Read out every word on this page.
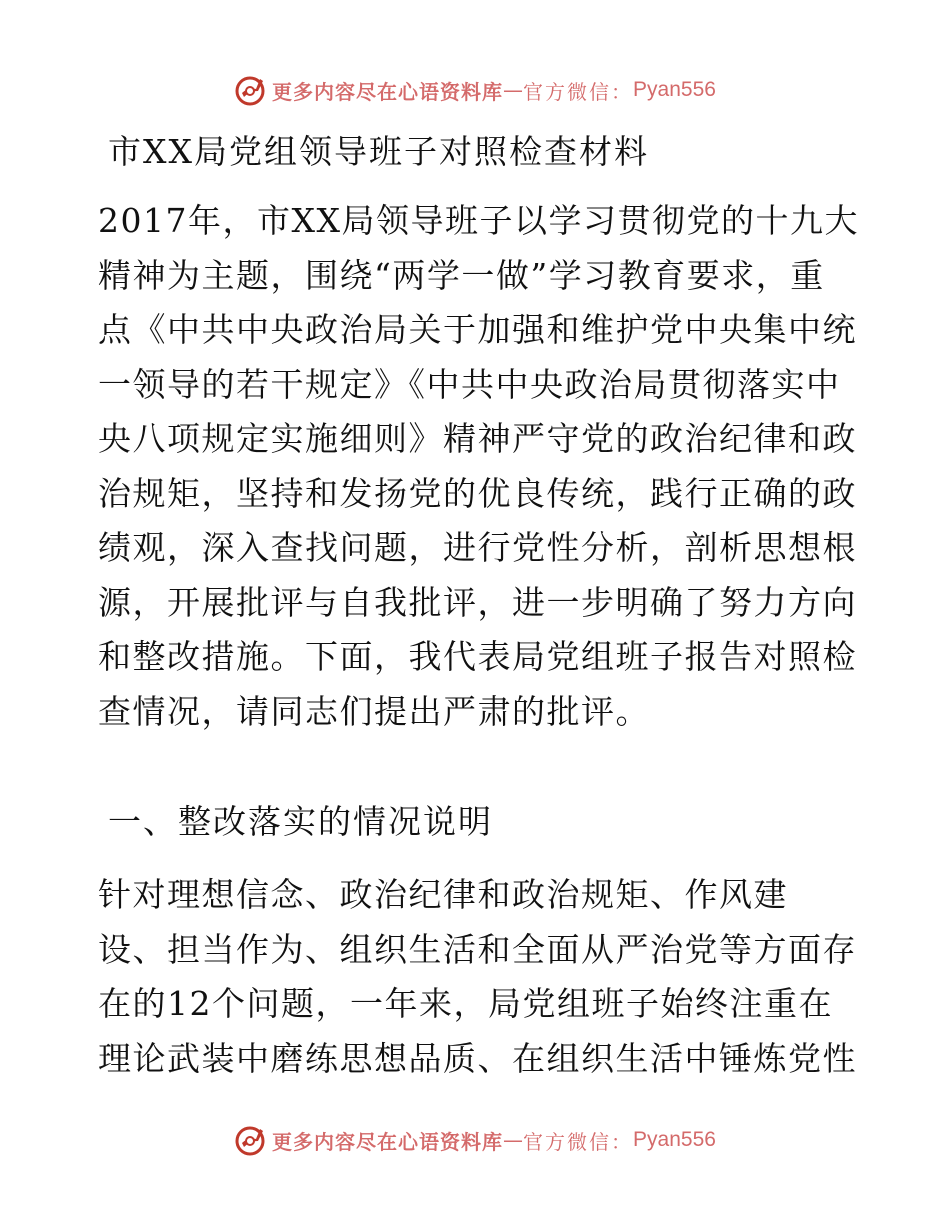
更多内容尽在心语资料库 — 官方微信： Pyan556
市XX局党组领导班子对照检查材料
2017年，市XX局领导班子以学习贯彻党的十九大
精神为主题，围绕“两学一做”学习教育要求，重
点《中共中央政治局关于加强和维护党中央集中统
一领导的若干规定》《中共中央政治局贯彻落实中
央八项规定实施细则》精神严守党的政治纪律和政
治规矩，坚持和发扬党的优良传统，践行正确的政
绩观，深入查找问题，进行党性分析，剖析思想根
源，开展批评与自我批评，进一步明确了努力方向
和整改措施。下面，我代表局党组班子报告对照检
查情况，请同志们提出严肃的批评。
一、整改落实的情况说明
针对理想信念、政治纪律和政治规矩、作风建
设、担当作为、组织生活和全面从严治党等方面存
在的12个问题，一年来，局党组班子始终注重在
理论武装中磨练思想品质、在组织生活中锤炼党性
更多内容尽在心语资料库 — 官方微信： Pyan556
